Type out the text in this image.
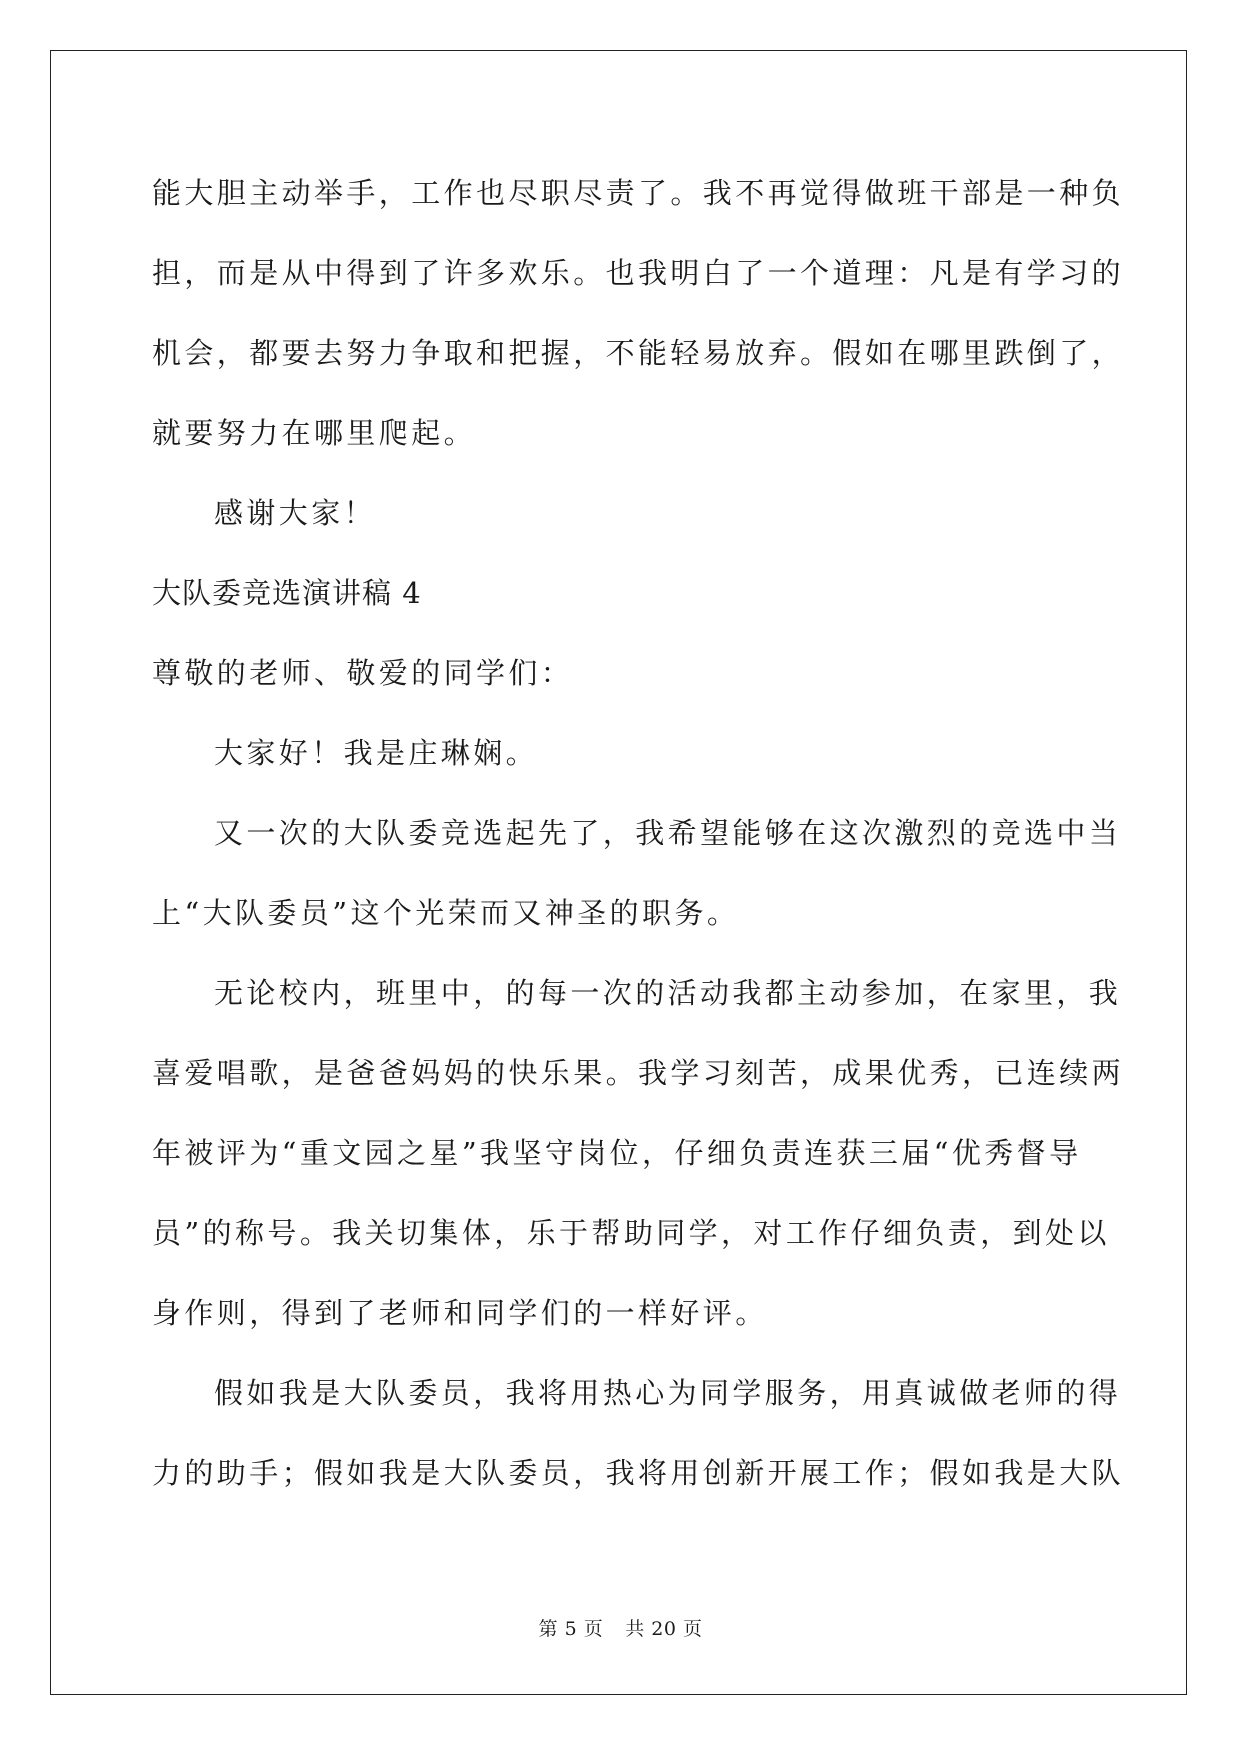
能大胆主动举手，工作也尽职尽责了。我不再觉得做班干部是一种负
担，而是从中得到了许多欢乐。也我明白了一个道理：凡是有学习的
机会，都要去努力争取和把握，不能轻易放弃。假如在哪里跌倒了，
就要努力在哪里爬起。
感谢大家！
大队委竞选演讲稿 4
尊敬的老师、敬爱的同学们：
大家好！我是庄琳娴。
又一次的大队委竞选起先了，我希望能够在这次激烈的竞选中当
上“大队委员”这个光荣而又神圣的职务。
无论校内，班里中，的每一次的活动我都主动参加，在家里，我
喜爱唱歌，是爸爸妈妈的快乐果。我学习刻苦，成果优秀，已连续两
年被评为“重文园之星”我坚守岗位，仔细负责连获三届“优秀督导
员”的称号。我关切集体，乐于帮助同学，对工作仔细负责，到处以
身作则，得到了老师和同学们的一样好评。
假如我是大队委员，我将用热心为同学服务，用真诚做老师的得
力的助手；假如我是大队委员，我将用创新开展工作；假如我是大队
第 5 页 共 20 页
